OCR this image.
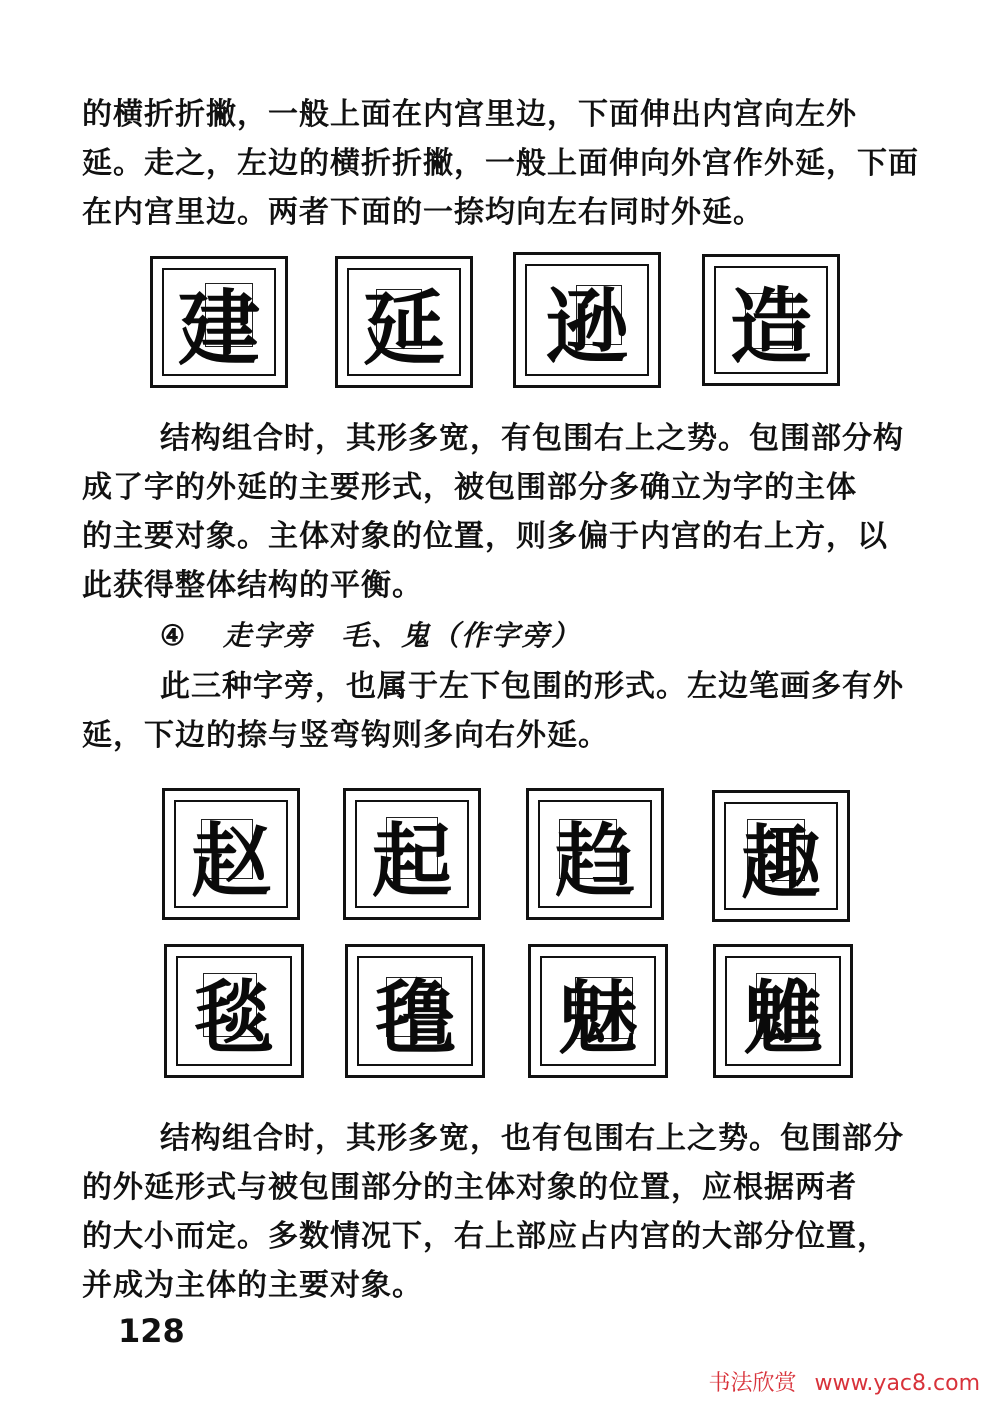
的横折折撇，一般上面在内宫里边，下面伸出内宫向左外
延。走之，左边的横折折撇，一般上面伸向外宫作外延，下面
在内宫里边。两者下面的一捺均向左右同时外延。
建	延	逊	造
结构组合时，其形多宽，有包围右上之势。包围部分构
成了字的外延的主要形式，被包围部分多确立为字的主体
的主要对象。主体对象的位置，则多偏于内宫的右上方，以
此获得整体结构的平衡。
④ 走字旁 毛、鬼（作字旁）
此三种字旁，也属于左下包围的形式。左边笔画多有外
延，下边的捺与竖弯钩则多向右外延。
赵	起	趋	趣
毯	氇	魅	魋
结构组合时，其形多宽，也有包围右上之势。包围部分
的外延形式与被包围部分的主体对象的位置，应根据两者
的大小而定。多数情况下，右上部应占内宫的大部分位置，
并成为主体的主要对象。
128
书法欣赏 www.yac8.com
